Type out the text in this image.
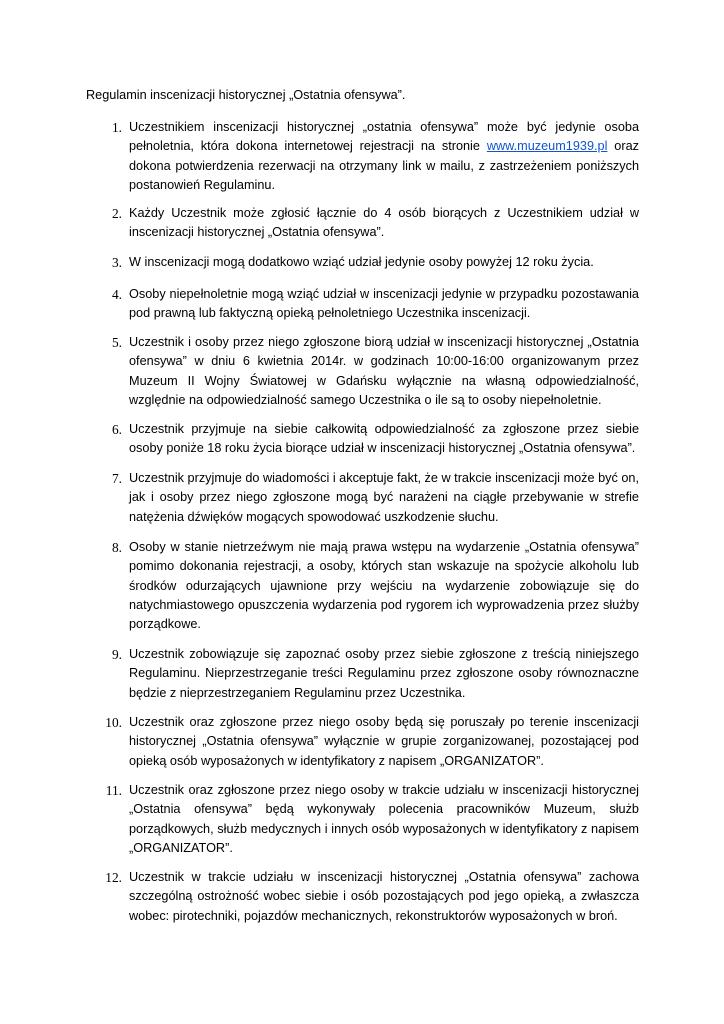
Regulamin inscenizacji historycznej „Ostatnia ofensywa”.
1. Uczestnikiem inscenizacji historycznej „ostatnia ofensywa” może być jedynie osoba pełnoletnia, która dokona internetowej rejestracji na stronie www.muzeum1939.pl oraz dokona potwierdzenia rezerwacji na otrzymany link w mailu, z zastrzeżeniem poniższych postanowień Regulaminu.
2. Każdy Uczestnik może zgłosić łącznie do 4 osób biorących z Uczestnikiem udział w inscenizacji historycznej „Ostatnia ofensywa”.
3. W inscenizacji mogą dodatkowo wziąć udział jedynie osoby powyżej 12 roku życia.
4. Osoby niepełnoletnie mogą wziąć udział w inscenizacji jedynie w przypadku pozostawania pod prawną lub faktyczną opieką pełnoletniego Uczestnika inscenizacji.
5. Uczestnik i osoby przez niego zgłoszone biorą udział w inscenizacji historycznej „Ostatnia ofensywa” w dniu 6 kwietnia 2014r. w godzinach 10:00-16:00 organizowanym przez Muzeum II Wojny Światowej w Gdańsku wyłącznie na własną odpowiedzialność, względnie na odpowiedzialność samego Uczestnika o ile są to osoby niepełnoletnie.
6. Uczestnik przyjmuje na siebie całkowitą odpowiedzialność za zgłoszone przez siebie osoby poniże 18 roku życia biorące udział w inscenizacji historycznej „Ostatnia ofensywa”.
7. Uczestnik przyjmuje do wiadomości i akceptuje fakt, że w trakcie inscenizacji może być on, jak i osoby przez niego zgłoszone mogą być narażeni na ciągłe przebywanie w strefie natężenia dźwięków mogących spowodować uszkodzenie słuchu.
8. Osoby w stanie nietrzeźwym nie mają prawa wstępu na wydarzenie „Ostatnia ofensywa” pomimo dokonania rejestracji, a osoby, których stan wskazuje na spożycie alkoholu lub środków odurzających ujawnione przy wejściu na wydarzenie zobowiązuje się do natychmiastowego opuszczenia wydarzenia pod rygorem ich wyprowadzenia przez służby porządkowe.
9. Uczestnik zobowiązuje się zapoznać osoby przez siebie zgłoszone z treścią niniejszego Regulaminu. Nieprzestrzeganie treści Regulaminu przez zgłoszone osoby równoznaczne będzie z nieprzestrzeganiem Regulaminu przez Uczestnika.
10. Uczestnik oraz zgłoszone przez niego osoby będą się poruszały po terenie inscenizacji historycznej „Ostatnia ofensywa” wyłącznie w grupie zorganizowanej, pozostającej pod opieką osób wyposażonych w identyfikatory z napisem „ORGANIZATOR”.
11. Uczestnik oraz zgłoszone przez niego osoby w trakcie udziału w inscenizacji historycznej „Ostatnia ofensywa” będą wykonywały polecenia pracowników Muzeum, służb porządkowych, służb medycznych i innych osób wyposażonych w identyfikatory z napisem „ORGANIZATOR”.
12. Uczestnik w trakcie udziału w inscenizacji historycznej „Ostatnia ofensywa” zachowa szczególną ostrożność wobec siebie i osób pozostających pod jego opieką, a zwłaszcza wobec: pirotechniki, pojazdów mechanicznych, rekonstruktorów wyposażonych w broń.
